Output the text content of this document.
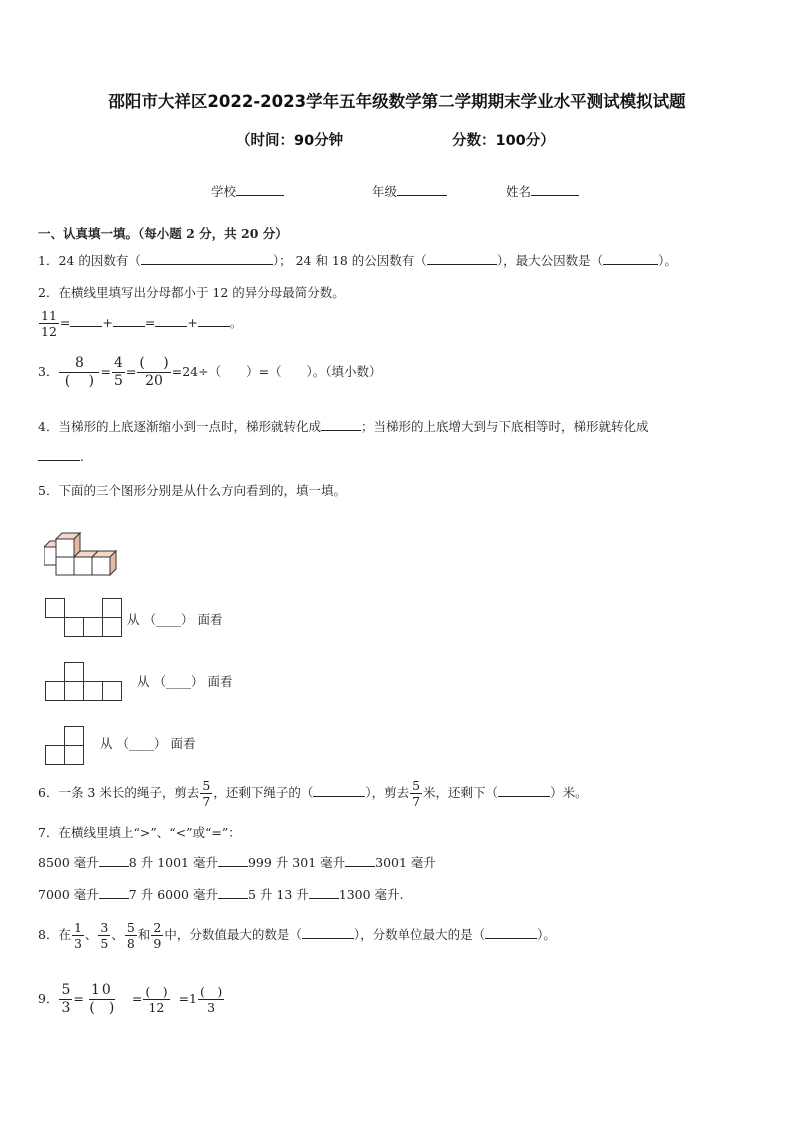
邵阳市大祥区2022-2023学年五年级数学第二学期期末学业水平测试模拟试题
（时间：90分钟	分数：100分）
学校	年级	姓名
一、认真填一填。（每小题 2 分，共 20 分）
1．24 的因数有（	）； 24 和 18 的公因数有（	），最大公因数是（	）。
2．在横线里填写出分母都小于 12 的异分母最简分数。
$\frac{11}{12}$ =	+	=	+	。
3． $\frac{8}{( )} = \frac{4}{5} = \frac{( )}{20} =24\div$（　　）=（　　）。（填小数）
4．当梯形的上底逐渐缩小到一点时，梯形就转化成	；当梯形的上底增大到与下底相等时，梯形就转化成
.
5．下面的三个图形分别是从什么方向看到的，填一填。
从 （____） 面看
从 （____） 面看
从 （____） 面看
6．一条 3 米长的绳子，剪去 $\frac{5}{7}$ ，还剩下绳子的（	），剪去 $\frac{5}{7}$ 米，还剩下（	）米。
7．在横线里填上“>”、“<”或“=”：
8500 毫升 8 升 1001 毫升 999 升 301 毫升 3001 毫升
7000 毫升 7 升 6000 毫升 5 升 13 升 1300 毫升.
8．在 $\frac{1}{3}$ 、 $\frac{3}{5}$ 、 $\frac{5}{8}$ 和 $\frac{2}{9}$ 中，分数值最大的数是（	），分数单位最大的是（	）。
9． $\frac{5}{3} = \frac{10}{( )} = \frac{( )}{12} =1 \frac{( )}{3}$
